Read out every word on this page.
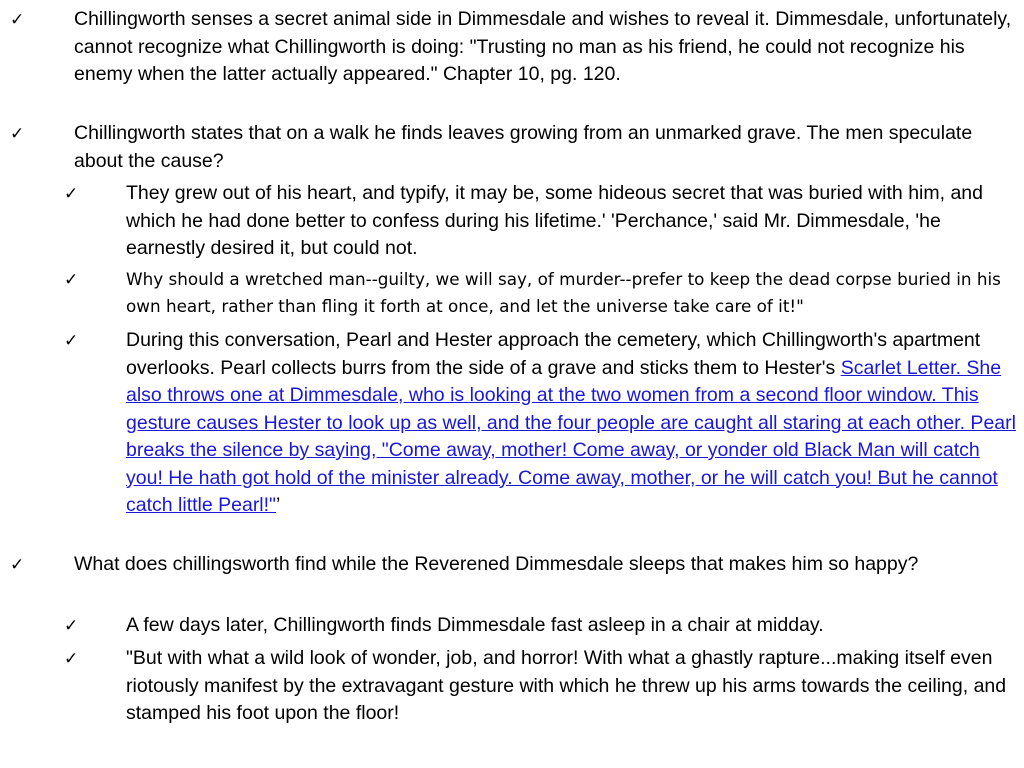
✓	Chillingworth senses a secret animal side in Dimmesdale and wishes to reveal it. Dimmesdale, unfortunately, cannot recognize what Chillingworth is doing: "Trusting no man as his friend, he could not recognize his enemy when the latter actually appeared." Chapter 10, pg. 120.
✓	Chillingworth states that on a walk he finds leaves growing from an unmarked grave. The men speculate about the cause?
✓ They grew out of his heart, and typify, it may be, some hideous secret that was buried with him, and which he had done better to confess during his lifetime.' 'Perchance,' said Mr. Dimmesdale, 'he earnestly desired it, but could not.
✓	Why should a wretched man--guilty, we will say, of murder--prefer to keep the dead corpse buried in his own heart, rather than fling it forth at once, and let the universe take care of it!"
✓ During this conversation, Pearl and Hester approach the cemetery, which Chillingworth's apartment overlooks. Pearl collects burrs from the side of a grave and sticks them to Hester's Scarlet Letter. She also throws one at Dimmesdale, who is looking at the two women from a second floor window. This gesture causes Hester to look up as well, and the four people are caught all staring at each other. Pearl breaks the silence by saying, "Come away, mother! Come away, or yonder old Black Man will catch you! He hath got hold of the minister already. Come away, mother, or he will catch you! But he cannot catch little Pearl!"’
✓	What does chillingsworth find while the Reverened Dimmesdale sleeps that makes him so happy?
✓ A few days later, Chillingworth finds Dimmesdale fast asleep in a chair at midday.
✓ "But with what a wild look of wonder, job, and horror! With what a ghastly rapture...making itself even riotously manifest by the extravagant gesture with which he threw up his arms towards the ceiling, and stamped his foot upon the floor!
